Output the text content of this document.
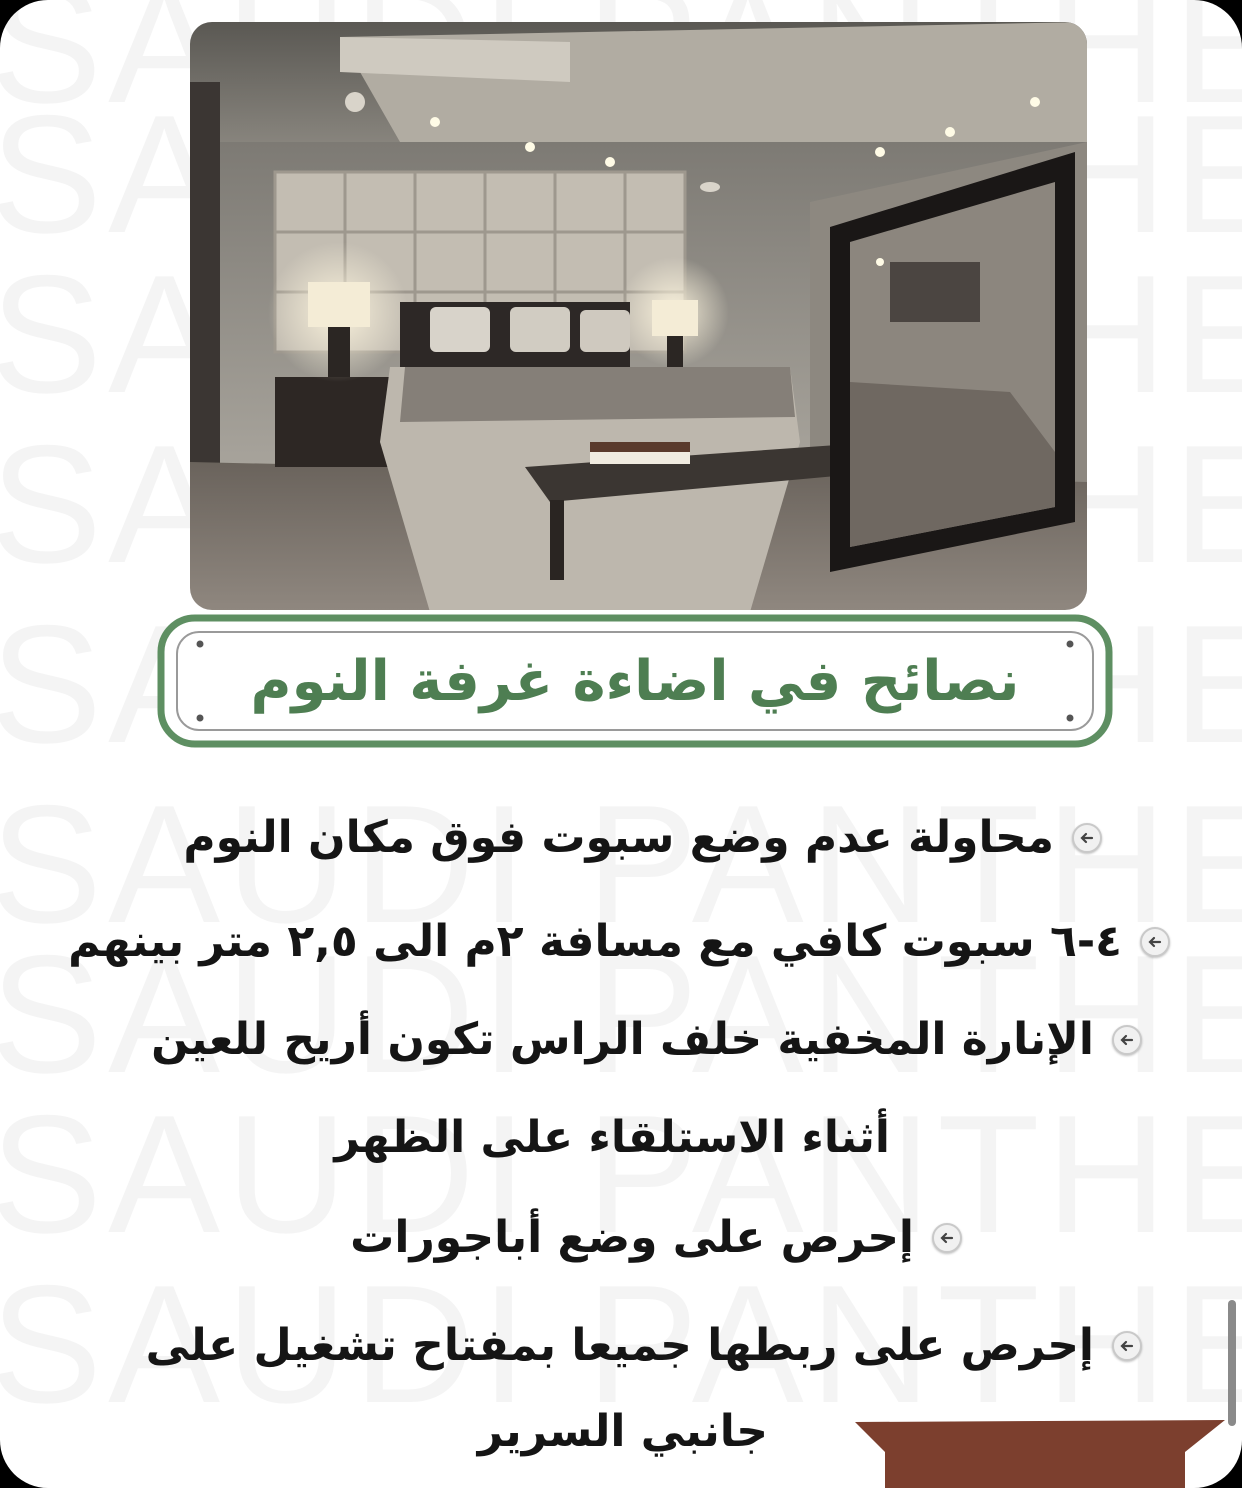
نصائح في اضاءة غرفة النوم
محاولة عدم وضع سبوت فوق مكان النوم
٤-٦ سبوت كافي مع مسافة ٢م الى ٢,٥ متر بينهم
الإنارة المخفية خلف الراس تكون أريح للعين
أثناء الاستلقاء على الظهر
إحرص على وضع أباجورات
إحرص على ربطها جميعا بمفتاح تشغيل على
جانبي السرير
